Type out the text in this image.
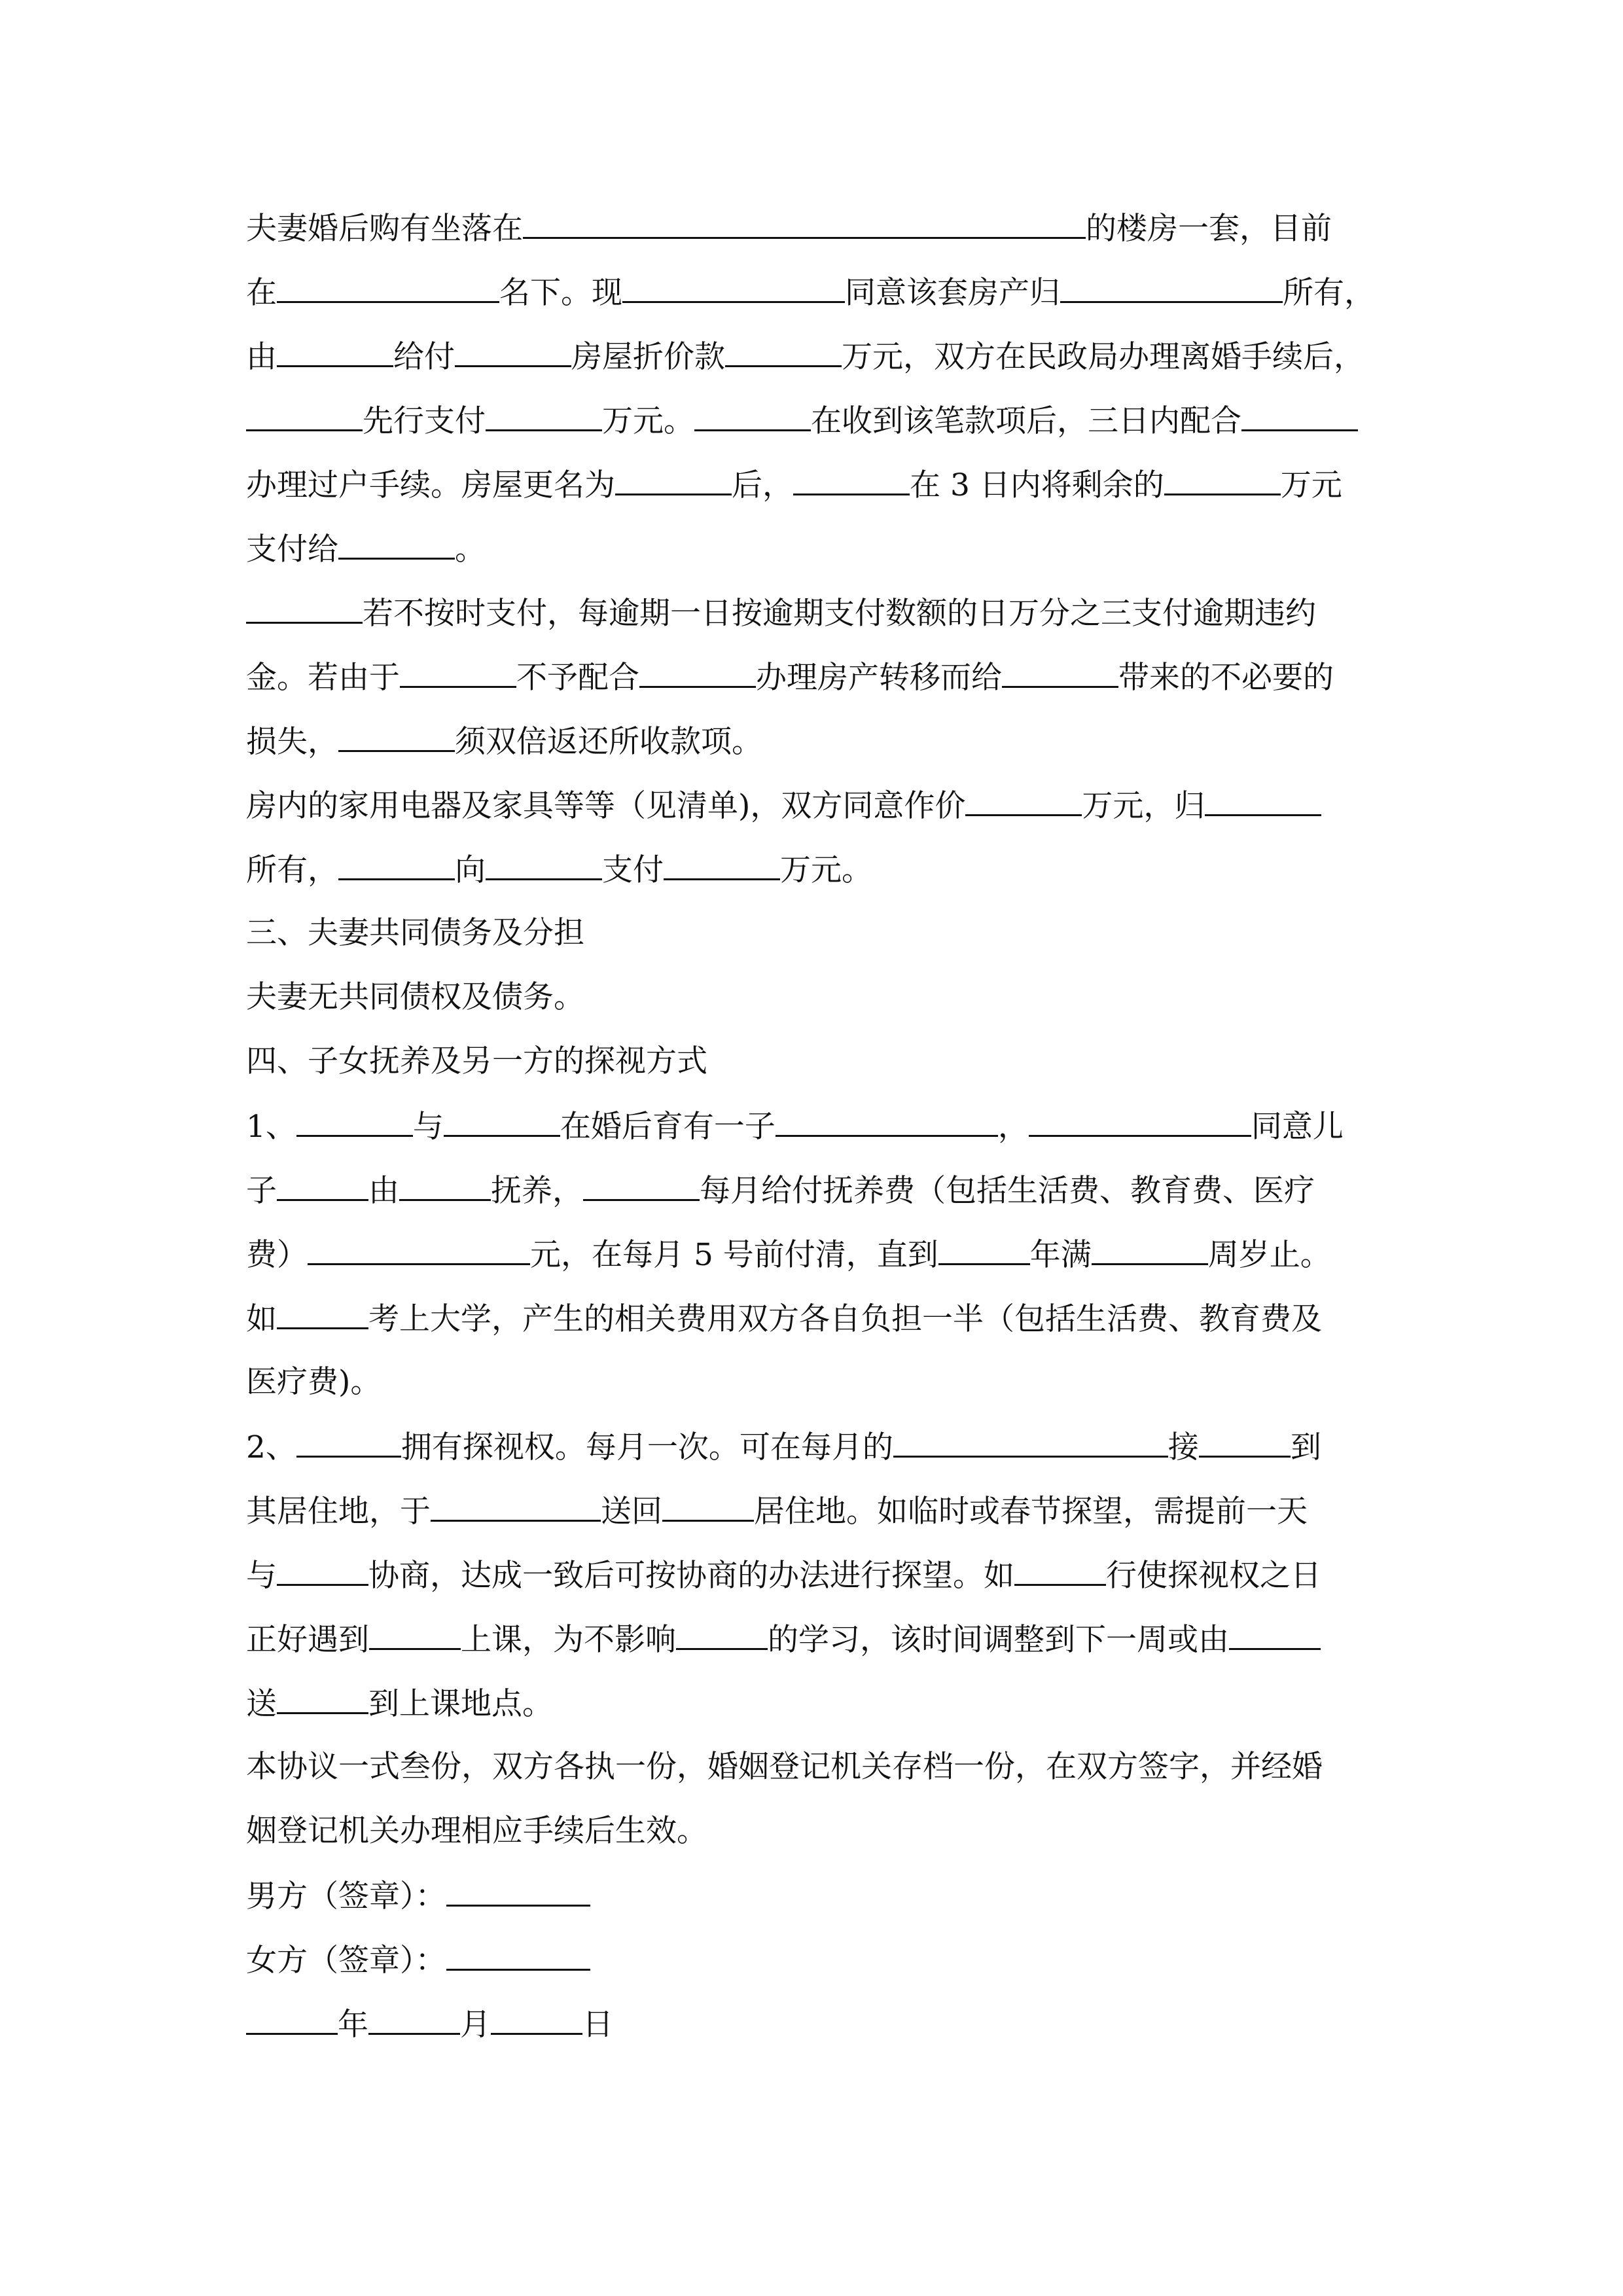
夫妻婚后购有坐落在	的楼房一套，目前
在	名下。现	同意该套房产归	所有，
由	给付	房屋折价款	万元，双方在民政局办理离婚手续后，
先行支付	万元。	在收到该笔款项后，三日内配合
办理过户手续。房屋更名为	后，	在 3 日内将剩余的	万元
支付给	。
若不按时支付，每逾期一日按逾期支付数额的日万分之三支付逾期违约
金。若由于	不予配合	办理房产转移而给	带来的不必要的
损失，	须双倍返还所收款项。
房内的家用电器及家具等等（见清单)，双方同意作价	万元，归
所有，	向	支付	万元。
三、夫妻共同债务及分担
夫妻无共同债权及债务。
四、子女抚养及另一方的探视方式
1、	与	在婚后育有一子	，	同意儿
子	由	抚养，	每月给付抚养费（包括生活费、教育费、医疗
费）	元，在每月 5 号前付清，直到	年满	周岁止。
如	考上大学，产生的相关费用双方各自负担一半（包括生活费、教育费及
医疗费)。
2、	拥有探视权。每月一次。可在每月的	接	到
其居住地，于	送回	居住地。如临时或春节探望，需提前一天
与	协商，达成一致后可按协商的办法进行探望。如	行使探视权之日
正好遇到	上课，为不影响	的学习，该时间调整到下一周或由
送	到上课地点。
本协议一式叁份，双方各执一份，婚姻登记机关存档一份，在双方签字，并经婚
姻登记机关办理相应手续后生效。
男方（签章）：
女方（签章）：
年	月	日
